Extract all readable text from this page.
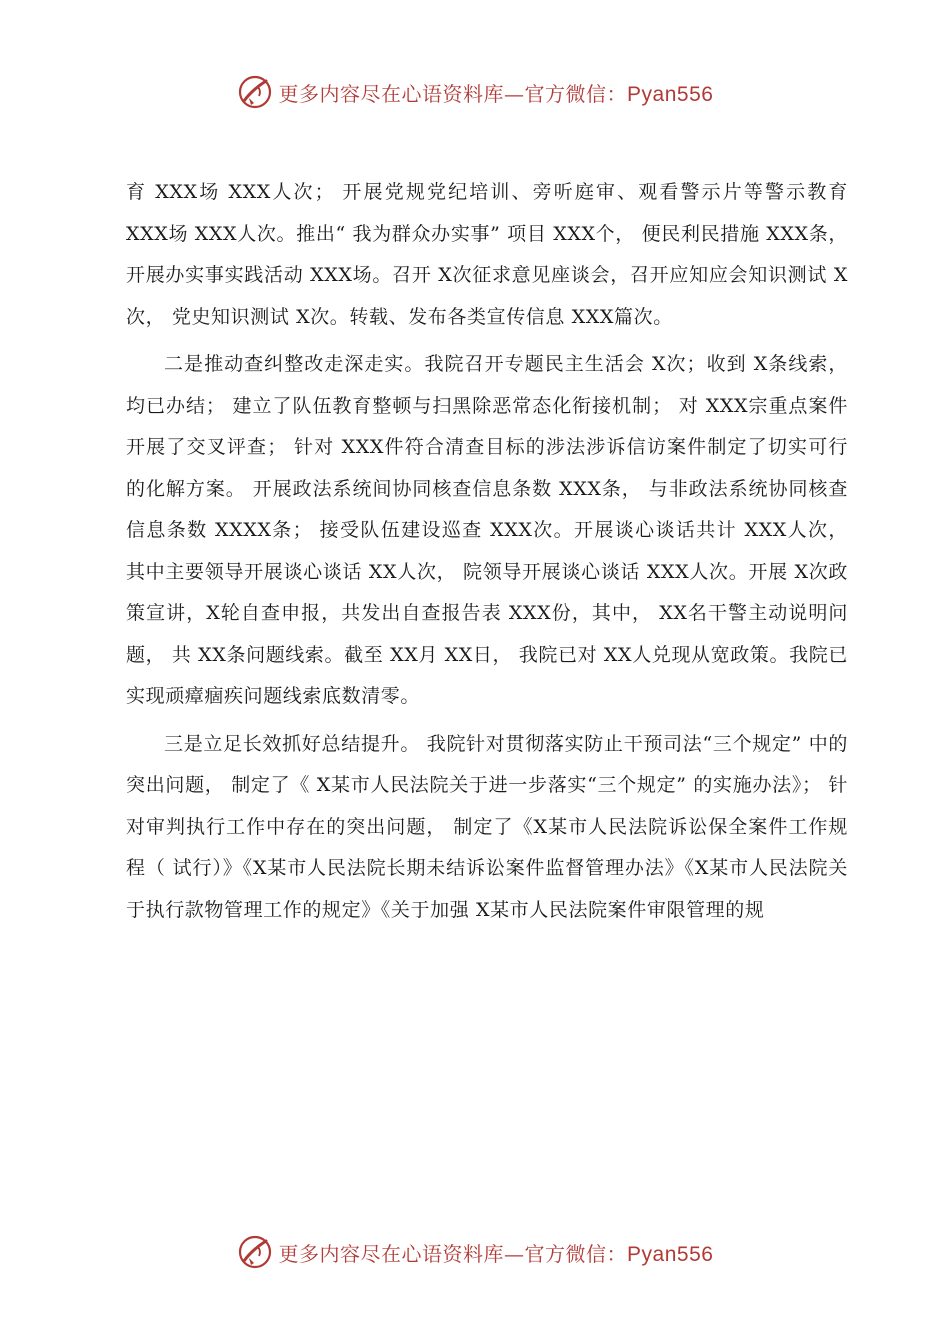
更多内容尽在心语资料库—官方微信：Pyan556

育 XXX场 XXX人次； 开展党规党纪培训、旁听庭审、观看警示片等警示教育 XXX场 XXX人次。推出“ 我为群众办实事” 项目 XXX个， 便民利民措施 XXX条， 开展办实事实践活动 XXX场。召开 X次征求意见座谈会，召开应知应会知识测试 X次， 党史知识测试 X次。转载、发布各类宣传信息 XXX篇次。

二是推动查纠整改走深走实。我院召开专题民主生活会 X次；收到 X条线索， 均已办结； 建立了队伍教育整顿与扫黑除恶常态化衔接机制； 对 XXX宗重点案件开展了交叉评查； 针对 XXX件符合清查目标的涉法涉诉信访案件制定了切实可行的化解方案。 开展政法系统间协同核查信息条数 XXX条， 与非政法系统协同核查信息条数 XXXX条； 接受队伍建设巡查 XXX次。开展谈心谈话共计 XXX人次， 其中主要领导开展谈心谈话 XX人次， 院领导开展谈心谈话 XXX人次。开展 X次政策宣讲，X轮自查申报，共发出自查报告表 XXX份，其中， XX名干警主动说明问题， 共 XX条问题线索。截至 XX月 XX日， 我院已对 XX人兑现从宽政策。我院已实现顽瘴痼疾问题线索底数清零。

三是立足长效抓好总结提升。 我院针对贯彻落实防止干预司法“三个规定” 中的突出问题， 制定了《 X某市人民法院关于进一步落实“三个规定” 的实施办法》； 针对审判执行工作中存在的突出问题， 制定了《X某市人民法院诉讼保全案件工作规程（ 试行）》《X某市人民法院长期未结诉讼案件监督管理办法》《X某市人民法院关于执行款物管理工作的规定》《关于加强 X某市人民法院案件审限管理的规

更多内容尽在心语资料库—官方微信：Pyan556
